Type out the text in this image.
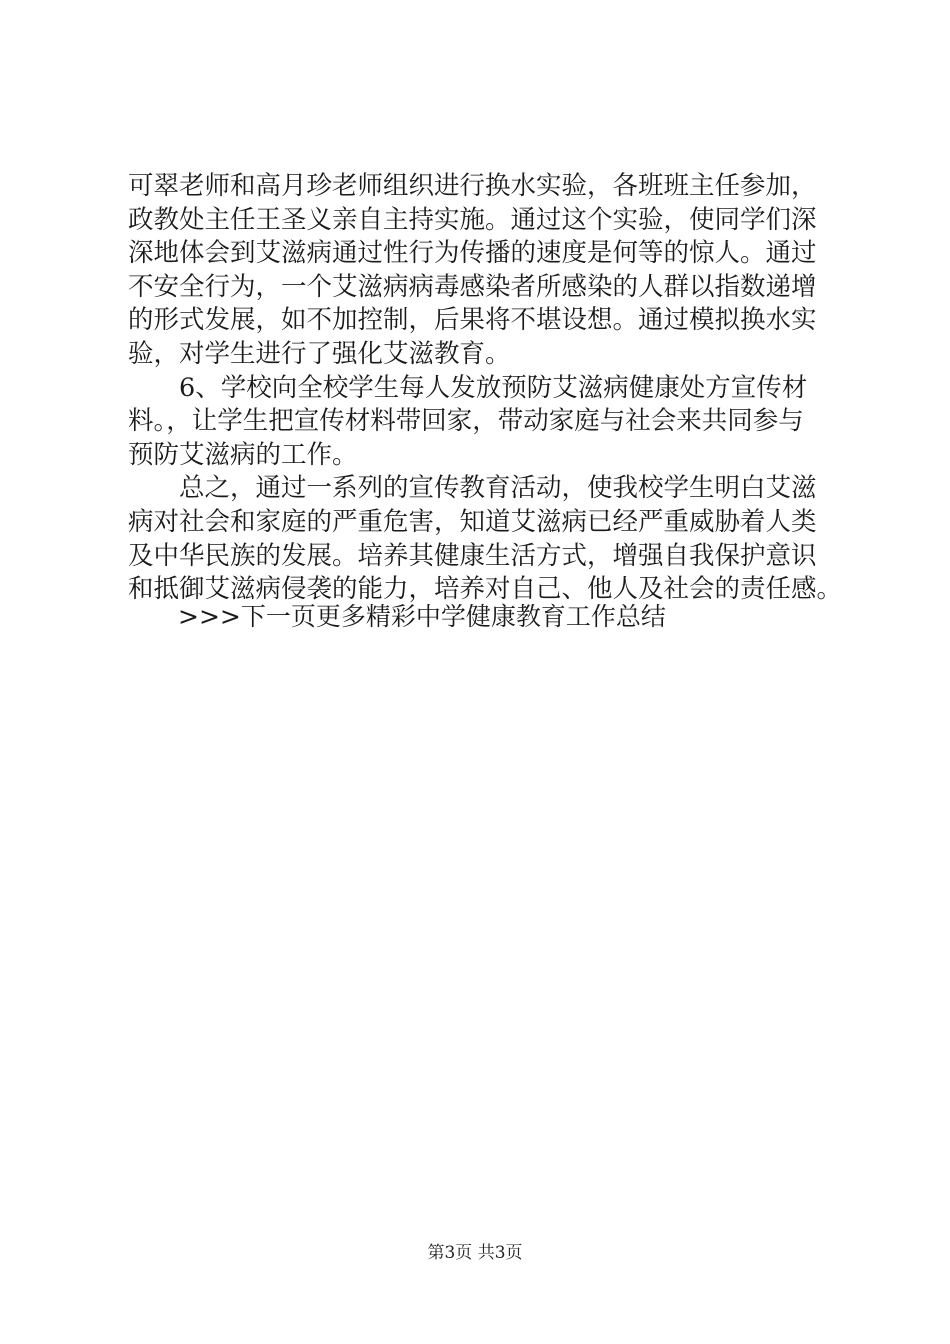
可翠老师和高月珍老师组织进行换水实验，各班班主任参加，
政教处主任王圣义亲自主持实施。通过这个实验，使同学们深
深地体会到艾滋病通过性行为传播的速度是何等的惊人。通过
不安全行为，一个艾滋病病毒感染者所感染的人群以指数递增
的形式发展，如不加控制，后果将不堪设想。通过模拟换水实
验，对学生进行了强化艾滋教育。
6、学校向全校学生每人发放预防艾滋病健康处方宣传材
料。，让学生把宣传材料带回家，带动家庭与社会来共同参与
预防艾滋病的工作。
总之，通过一系列的宣传教育活动，使我校学生明白艾滋
病对社会和家庭的严重危害，知道艾滋病已经严重威胁着人类
及中华民族的发展。培养其健康生活方式，增强自我保护意识
和抵御艾滋病侵袭的能力，培养对自己、他人及社会的责任感。
>>>下一页更多精彩中学健康教育工作总结
第3页 共3页
